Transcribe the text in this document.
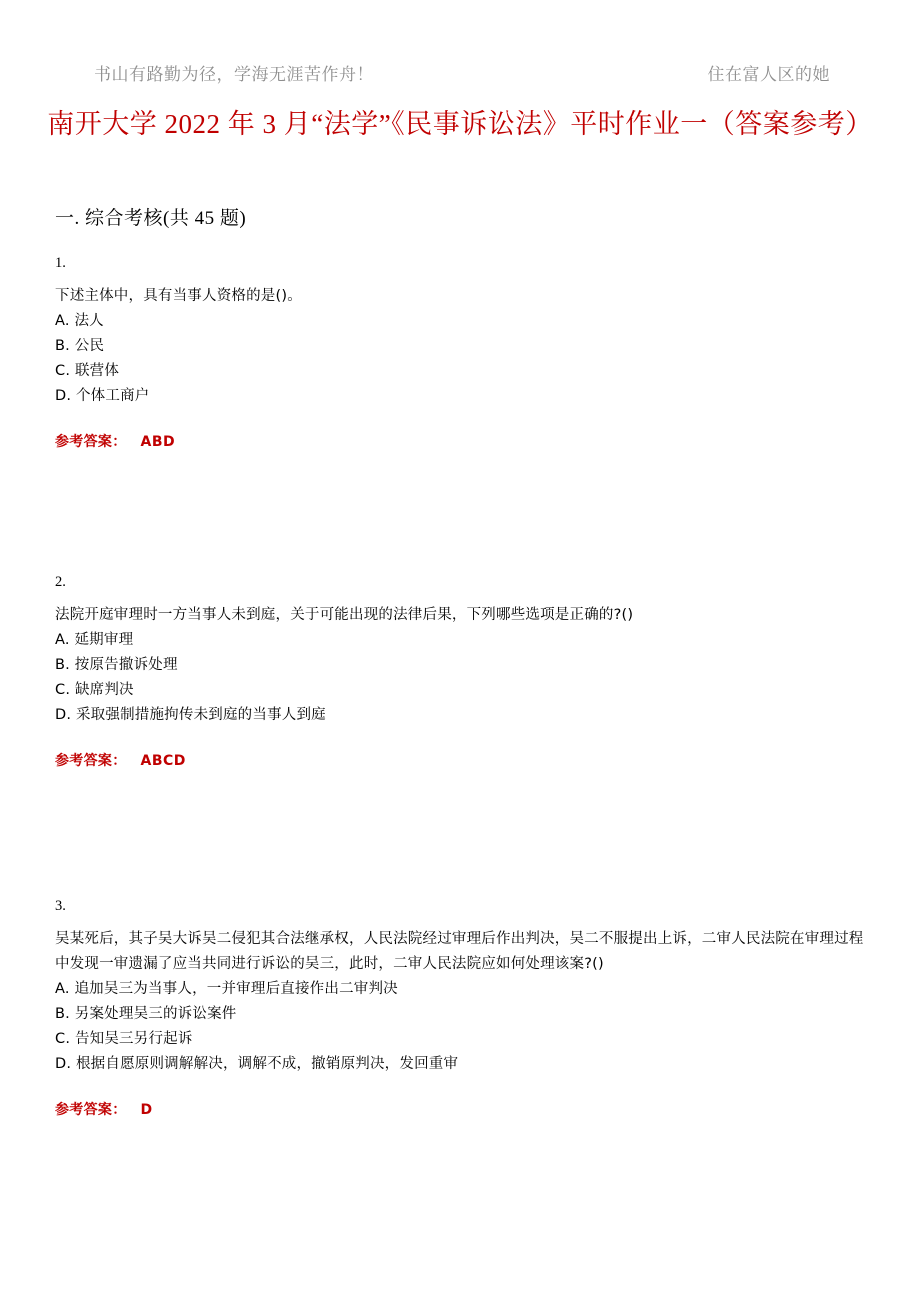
书山有路勤为径，学海无涯苦作舟！	住在富人区的她
南开大学 2022 年 3 月“法学”《民事诉讼法》平时作业一（答案参考）
一. 综合考核(共 45 题)
1.
下述主体中，具有当事人资格的是()。
A. 法人
B. 公民
C. 联营体
D. 个体工商户
参考答案： ABD
2.
法院开庭审理时一方当事人未到庭，关于可能出现的法律后果，下列哪些选项是正确的?()
A. 延期审理
B. 按原告撤诉处理
C. 缺席判决
D. 采取强制措施拘传未到庭的当事人到庭
参考答案： ABCD
3.
吴某死后，其子吴大诉吴二侵犯其合法继承权，人民法院经过审理后作出判决，吴二不服提出上诉，二审人民法院在审理过程中发现一审遗漏了应当共同进行诉讼的吴三，此时，二审人民法院应如何处理该案?()
A. 追加吴三为当事人，一并审理后直接作出二审判决
B. 另案处理吴三的诉讼案件
C. 告知吴三另行起诉
D. 根据自愿原则调解解决，调解不成，撤销原判决，发回重审
参考答案： D
